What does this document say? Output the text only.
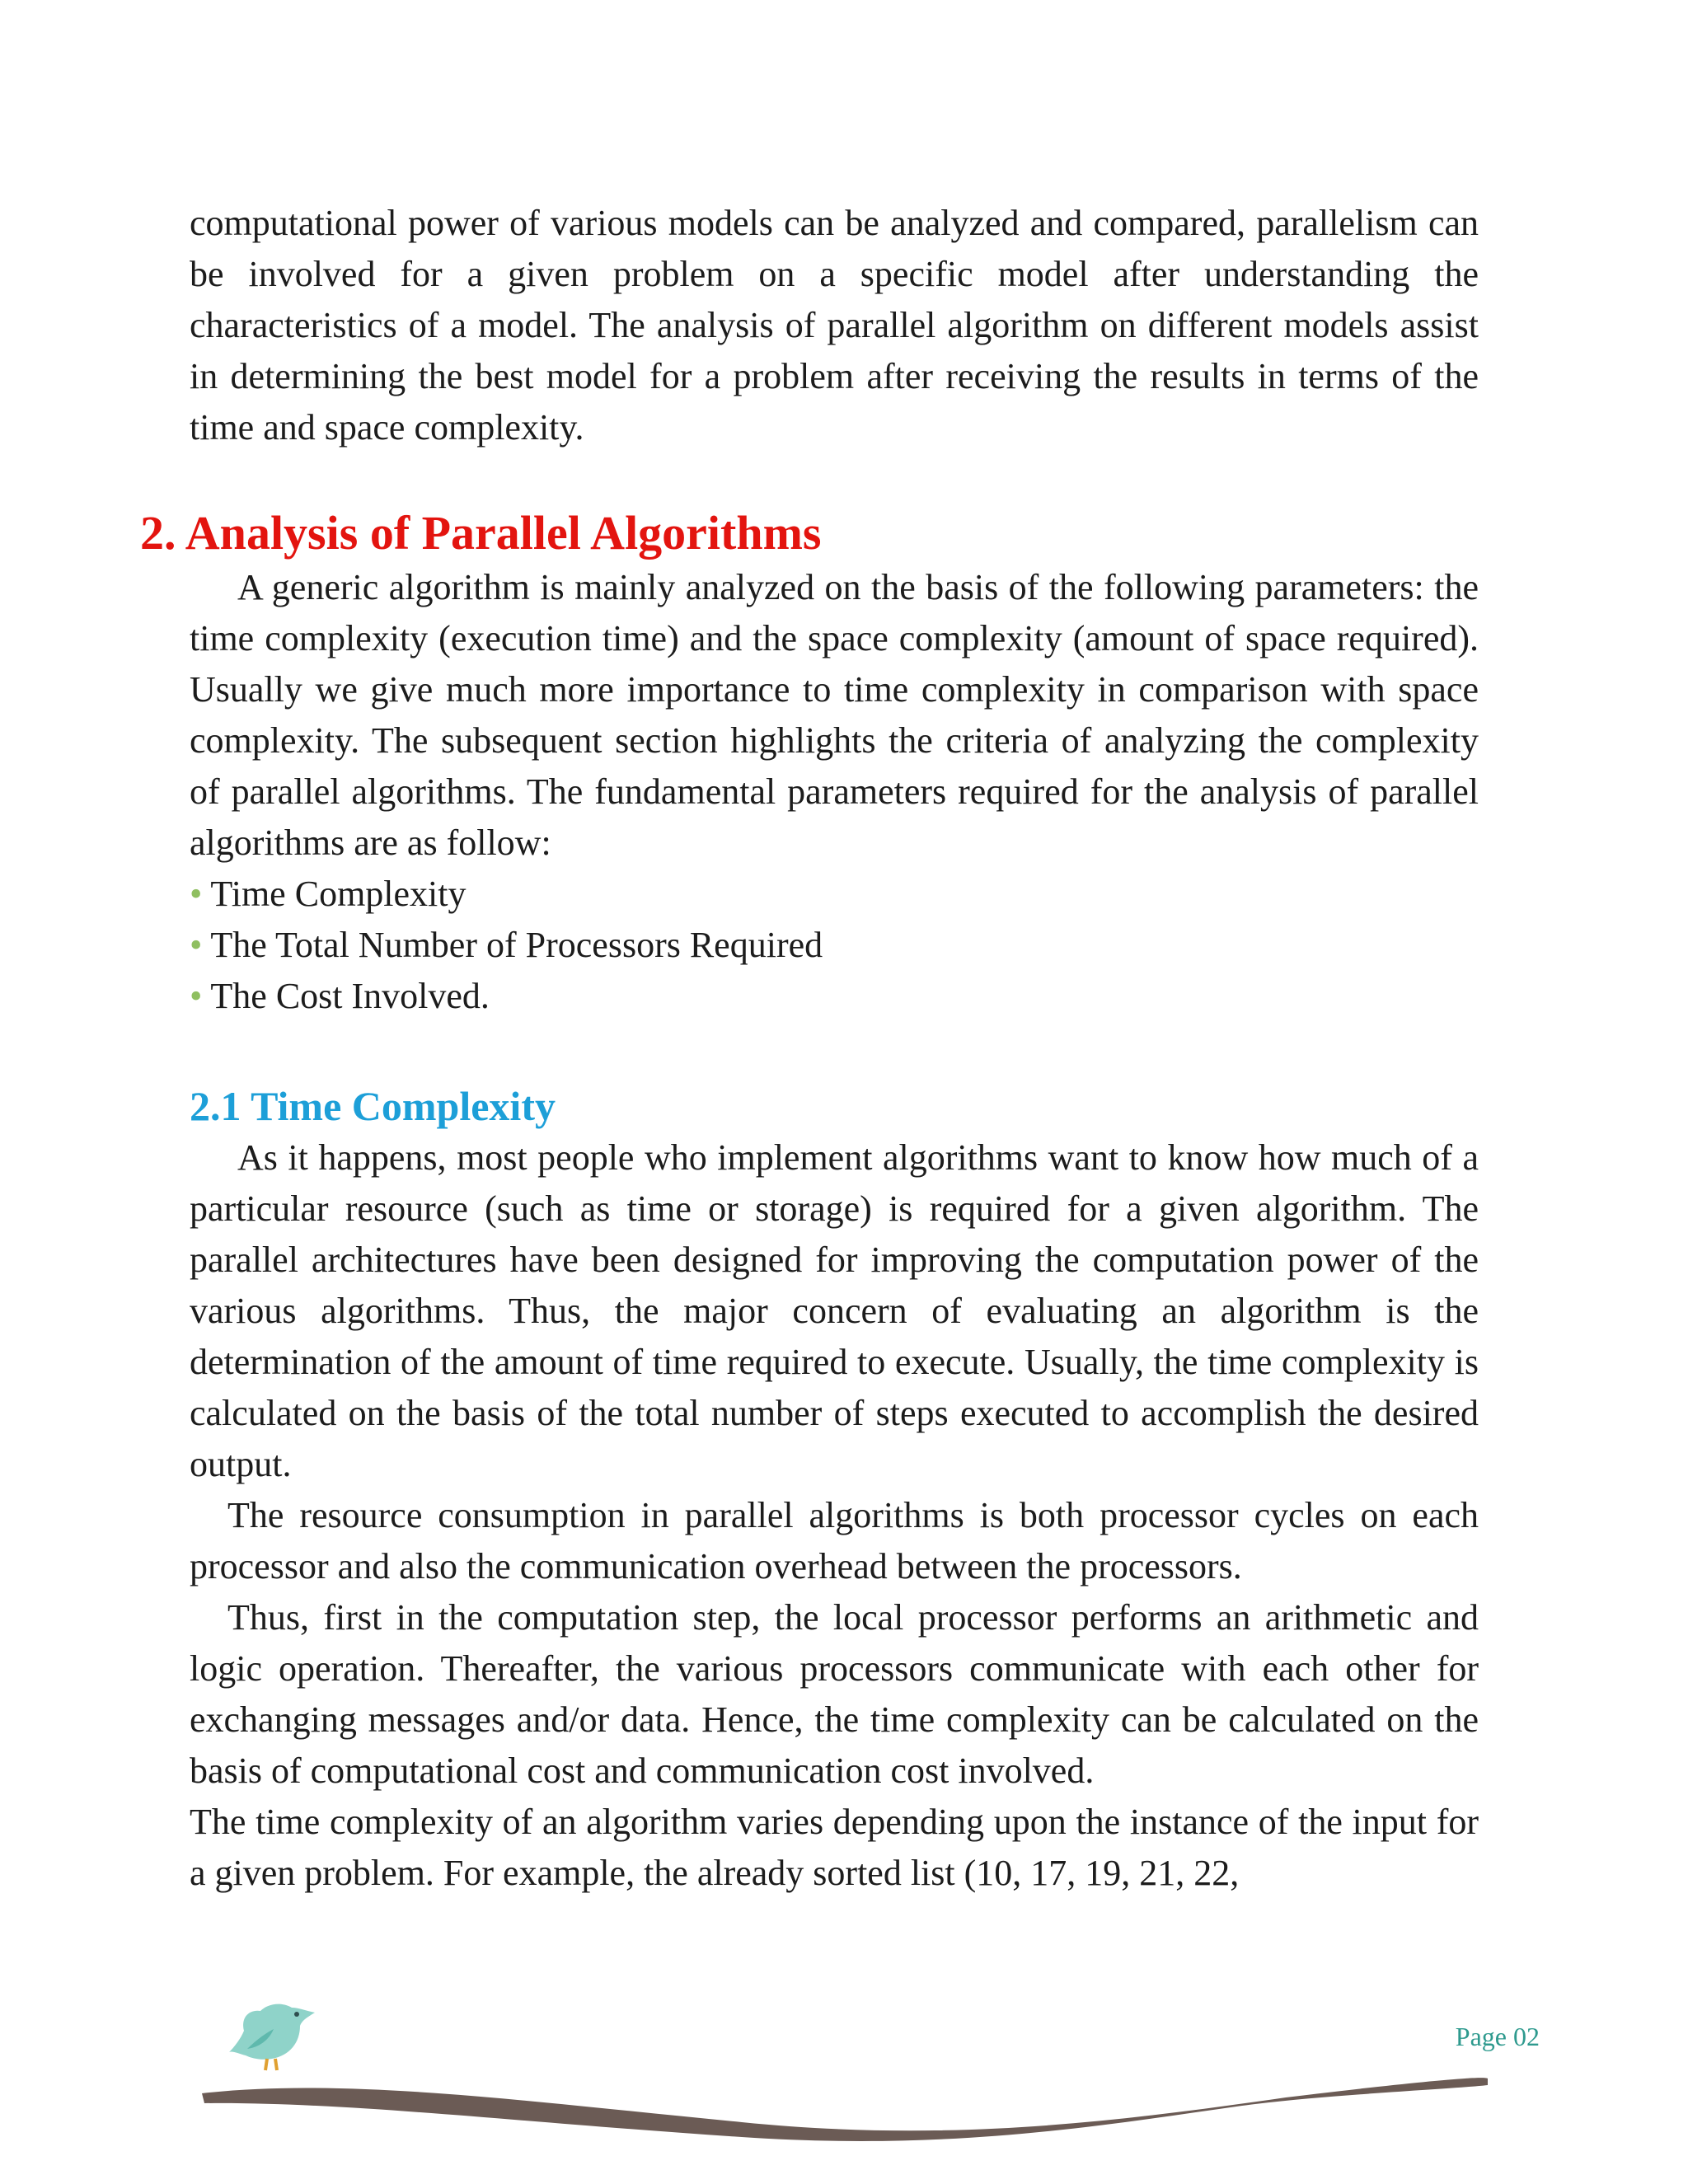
computational power of various models can be analyzed and compared, parallelism can be involved for a given problem on a specific model after understanding the characteristics of a model. The analysis of parallel algorithm on different models assist in determining the best model for a problem after receiving the results in terms of the time and space complexity.

2. Analysis of Parallel Algorithms

A generic algorithm is mainly analyzed on the basis of the following parameters: the time complexity (execution time) and the space complexity (amount of space required). Usually we give much more importance to time complexity in comparison with space complexity. The subsequent section highlights the criteria of analyzing the complexity of parallel algorithms. The fundamental parameters required for the analysis of parallel algorithms are as follow:

• Time Complexity
• The Total Number of Processors Required
• The Cost Involved.
2.1 Time Complexity

As it happens, most people who implement algorithms want to know how much of a particular resource (such as time or storage) is required for a given algorithm. The parallel architectures have been designed for improving the computation power of the various algorithms. Thus, the major concern of evaluating an algorithm is the determination of the amount of time required to execute. Usually, the time complexity is calculated on the basis of the total number of steps executed to accomplish the desired output.

The resource consumption in parallel algorithms is both processor cycles on each processor and also the communication overhead between the processors.

Thus, first in the computation step, the local processor performs an arithmetic and logic operation. Thereafter, the various processors communicate with each other for exchanging messages and/or data. Hence, the time complexity can be calculated on the basis of computational cost and communication cost involved.

The time complexity of an algorithm varies depending upon the instance of the input for a given problem. For example, the already sorted list (10, 17, 19, 21, 22,

Page 02
